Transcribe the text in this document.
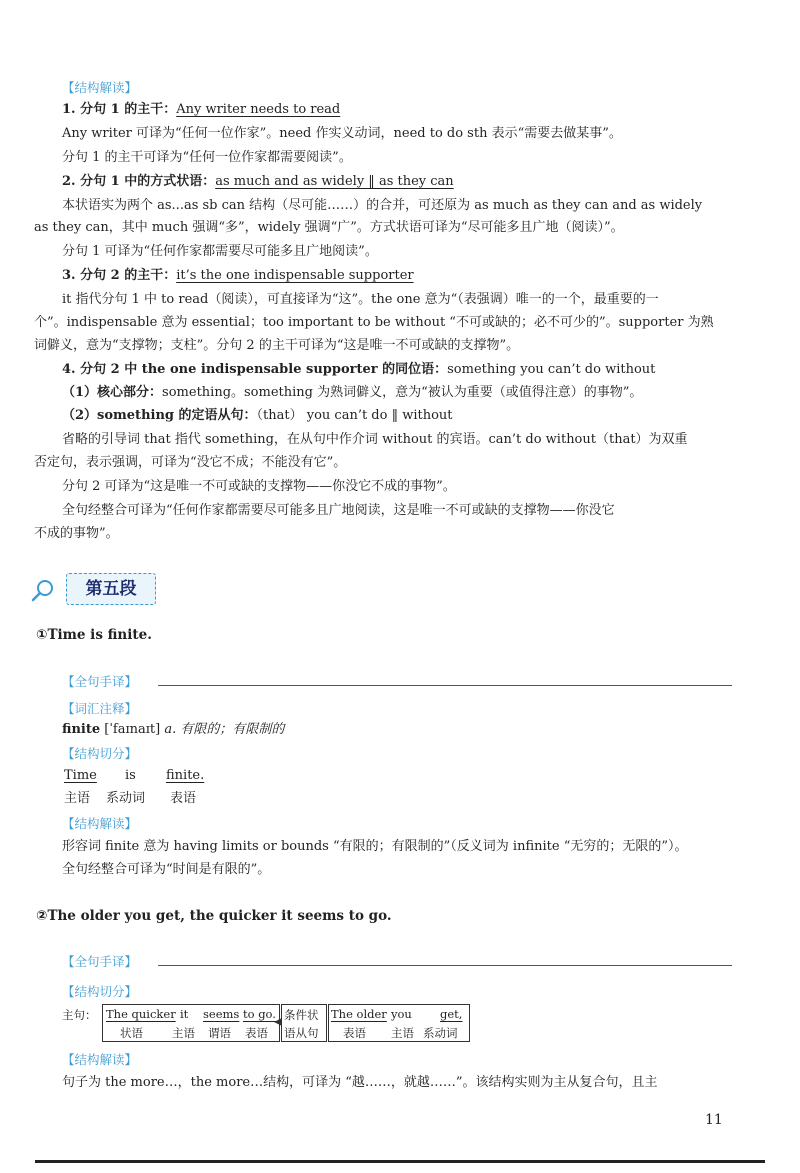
【结构解读】
1. 分句 1 的主干：Any writer needs to read
Any writer 可译为“任何一位作家”。need 作实义动词，need to do sth 表示“需要去做某事”。
分句 1 的主干可译为“任何一位作家都需要阅读”。
2. 分句 1 中的方式状语：as much and as widely ‖ as they can
本状语实为两个 as...as sb can 结构（尽可能……）的合并，可还原为 as much as they can and as widely
as they can，其中 much 强调“多”，widely 强调“广”。方式状语可译为“尽可能多且广地（阅读）”。
分句 1 可译为“任何作家都需要尽可能多且广地阅读”。
3. 分句 2 的主干：it’s the one indispensable supporter
it 指代分句 1 中 to read（阅读），可直接译为“这”。the one 意为“（表强调）唯一的一个，最重要的一
个”。indispensable 意为 essential；too important to be without “不可或缺的；必不可少的”。supporter 为熟
词僻义，意为“支撑物；支柱”。分句 2 的主干可译为“这是唯一不可或缺的支撑物”。
4. 分句 2 中 the one indispensable supporter 的同位语：something you can’t do without
（1）核心部分：something。something 为熟词僻义，意为“被认为重要（或值得注意）的事物”。
（2）something 的定语从句：（that） you can’t do ‖ without
省略的引导词 that 指代 something，在从句中作介词 without 的宾语。can’t do without（that）为双重
否定句，表示强调，可译为“没它不成；不能没有它”。
分句 2 可译为“这是唯一不可或缺的支撑物——你没它不成的事物”。
全句经整合可译为“任何作家都需要尽可能多且广地阅读，这是唯一不可或缺的支撑物——你没它
不成的事物”。
第五段
①Time is finite.
【全句手译】
【词汇注释】
finite [ˈfaɪnaɪt] a. 有限的；有限制的
【结构切分】
Time is finite.
主语 系动词 表语
【结构解读】
形容词 finite 意为 having limits or bounds “有限的；有限制的”（反义词为 infinite “无穷的；无限的”）。
全句经整合可译为“时间是有限的”。
②The older you get, the quicker it seems to go.
【全句手译】
【结构切分】
主句： The quicker it seems to go.
状语	主语 谓语 表语
条件状
语从句
The older you get,
表语 主语 系动词
【结构解读】
句子为 the more…，the more…结构，可译为 “越……，就越……”。该结构实则为主从复合句，且主
11
